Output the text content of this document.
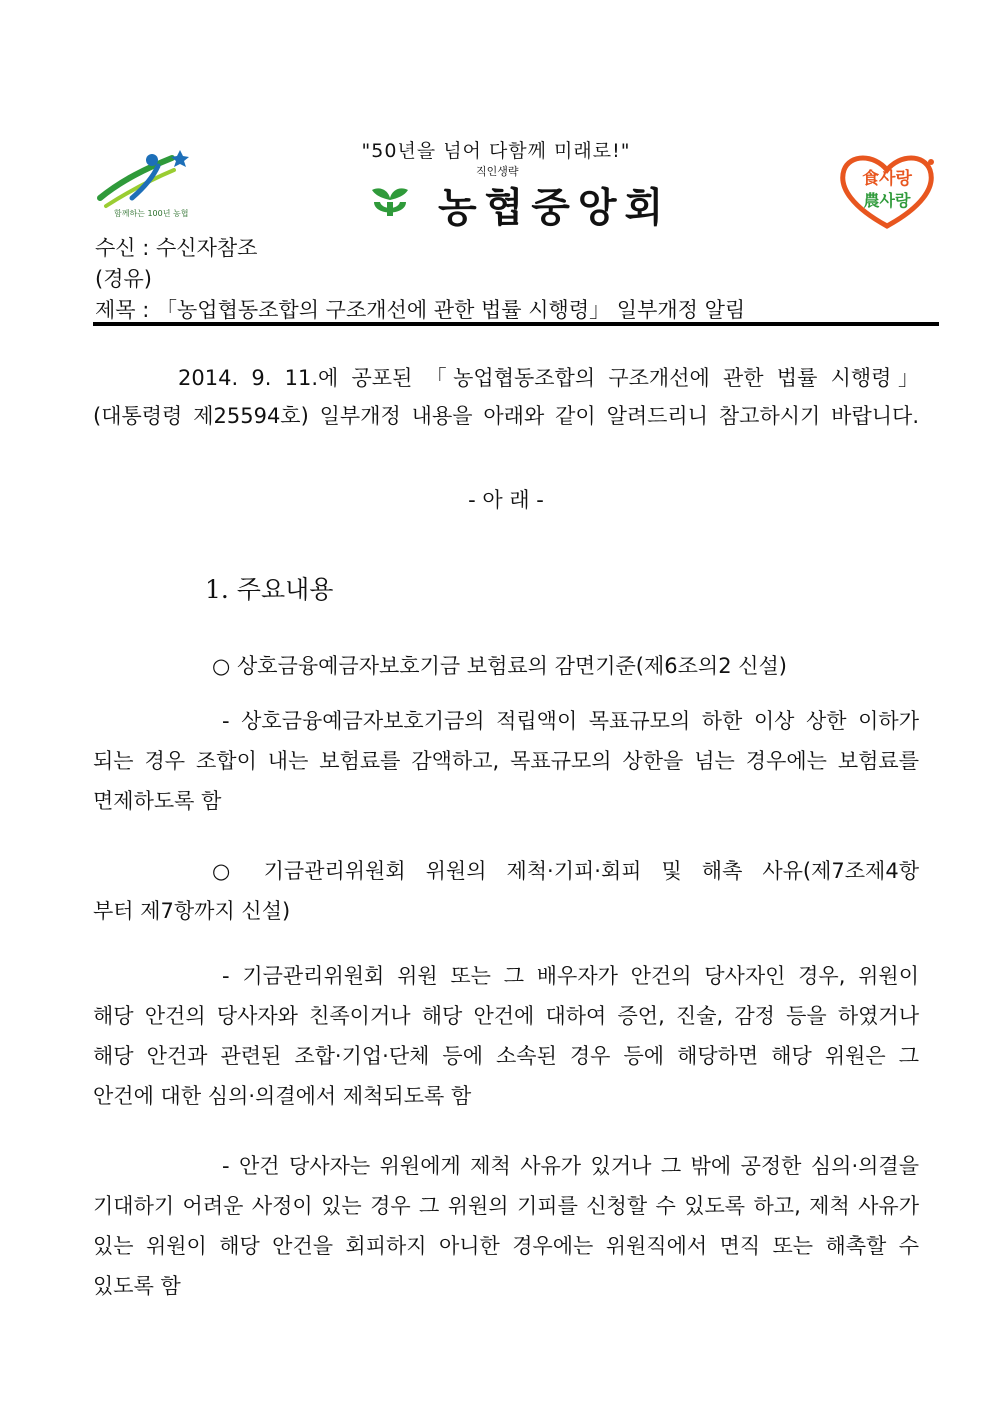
함께하는 100년 농협
"50년을 넘어 다함께 미래로!"
직인생략
농협중앙회
食사랑
農사랑
수신 : 수신자참조
(경유)
제목 : 「농업협동조합의 구조개선에 관한 법률 시행령」 일부개정 알림
2014. 9. 11.에 공포된 「농업협동조합의 구조개선에 관한 법률 시행령」
(대통령령 제25594호) 일부개정 내용을 아래와 같이 알려드리니 참고하시기 바랍니다.
- 아 래 -
1. 주요내용
○ 상호금융예금자보호기금 보험료의 감면기준(제6조의2 신설)
- 상호금융예금자보호기금의 적립액이 목표규모의 하한 이상 상한 이하가
되는 경우 조합이 내는 보험료를 감액하고, 목표규모의 상한을 넘는 경우에는 보험료를
면제하도록 함
○ 기금관리위원회 위원의 제척·기피·회피 및 해촉 사유(제7조제4항
부터 제7항까지 신설)
- 기금관리위원회 위원 또는 그 배우자가 안건의 당사자인 경우, 위원이
해당 안건의 당사자와 친족이거나 해당 안건에 대하여 증언, 진술, 감정 등을 하였거나
해당 안건과 관련된 조합·기업·단체 등에 소속된 경우 등에 해당하면 해당 위원은 그
안건에 대한 심의·의결에서 제척되도록 함
- 안건 당사자는 위원에게 제척 사유가 있거나 그 밖에 공정한 심의·의결을
기대하기 어려운 사정이 있는 경우 그 위원의 기피를 신청할 수 있도록 하고, 제척 사유가
있는 위원이 해당 안건을 회피하지 아니한 경우에는 위원직에서 면직 또는 해촉할 수
있도록 함
